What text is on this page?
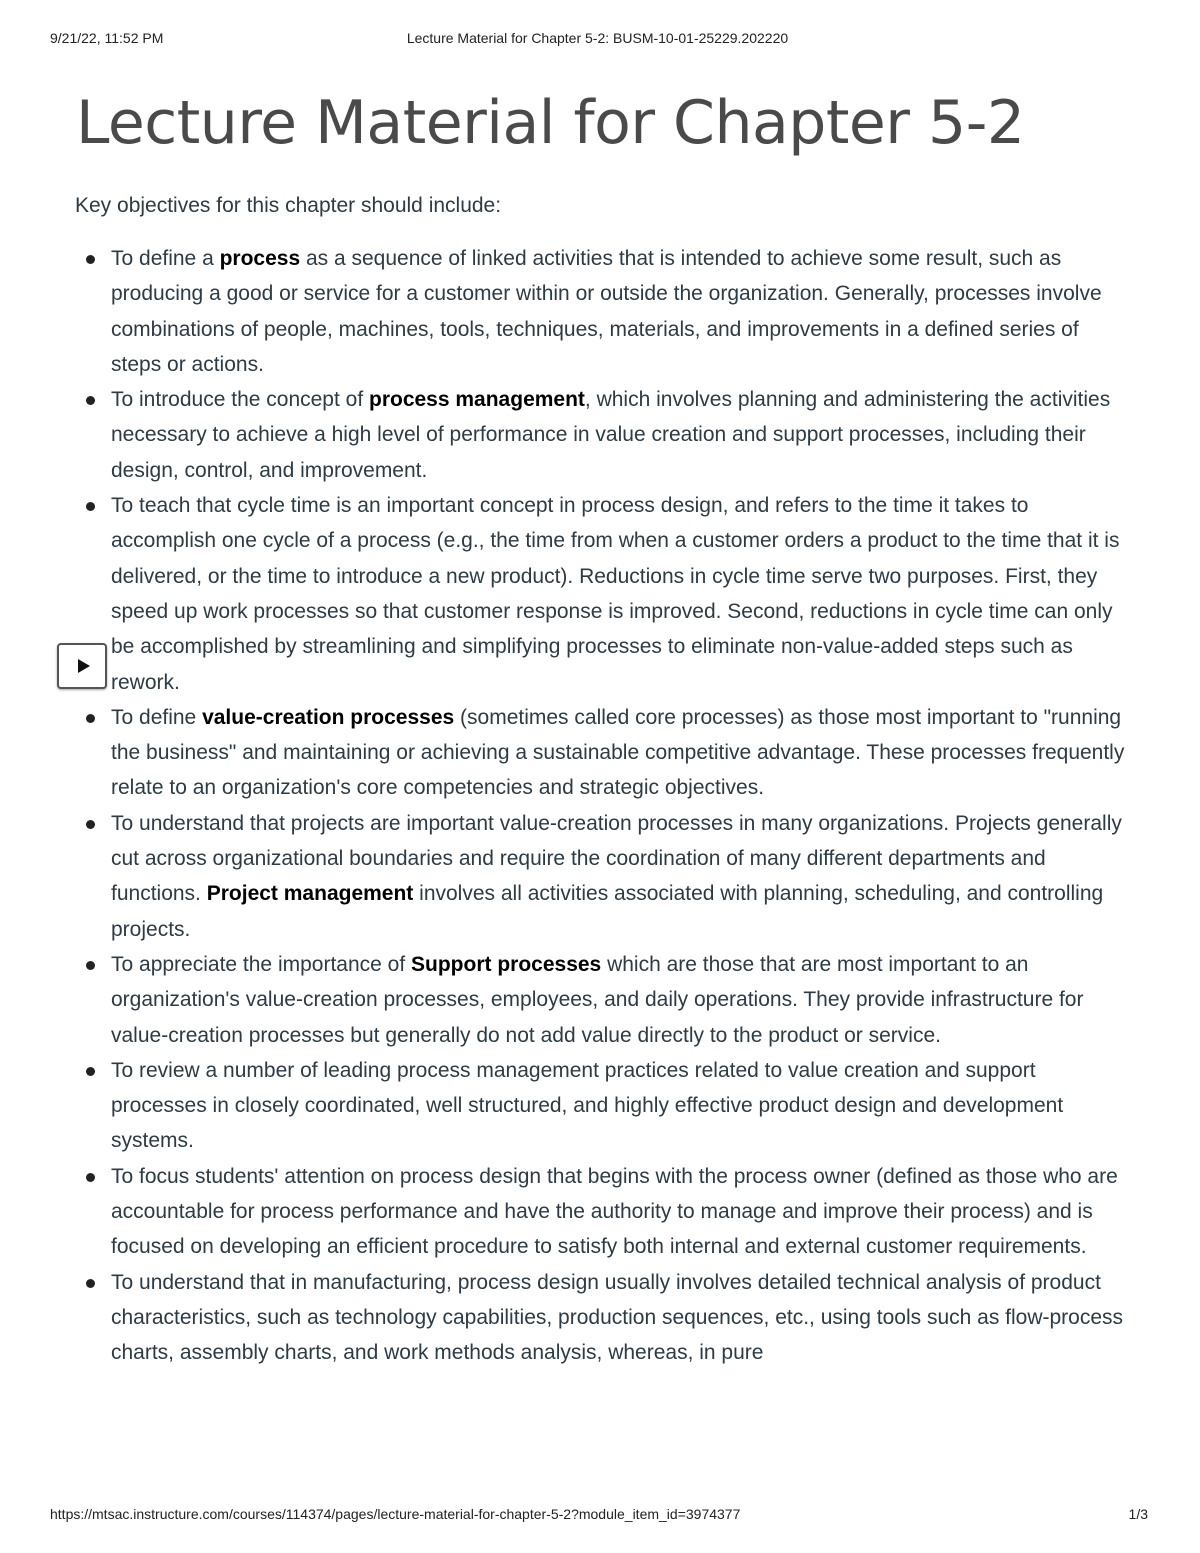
9/21/22, 11:52 PM	Lecture Material for Chapter 5-2: BUSM-10-01-25229.202220
Lecture Material for Chapter 5-2

Key objectives for this chapter should include:

To define a process as a sequence of linked activities that is intended to achieve some result, such as producing a good or service for a customer within or outside the organization. Generally, processes involve combinations of people, machines, tools, techniques, materials, and improvements in a defined series of steps or actions.
To introduce the concept of process management, which involves planning and administering the activities necessary to achieve a high level of performance in value creation and support processes, including their design, control, and improvement.
To teach that cycle time is an important concept in process design, and refers to the time it takes to accomplish one cycle of a process (e.g., the time from when a customer orders a product to the time that it is delivered, or the time to introduce a new product). Reductions in cycle time serve two purposes. First, they speed up work processes so that customer response is improved. Second, reductions in cycle time can only be accomplished by streamlining and simplifying processes to eliminate non-value-added steps such as rework.
To define value-creation processes (sometimes called core processes) as those most important to "running the business" and maintaining or achieving a sustainable competitive advantage. These processes frequently relate to an organization's core competencies and strategic objectives.
To understand that projects are important value-creation processes in many organizations. Projects generally cut across organizational boundaries and require the coordination of many different departments and functions. Project management involves all activities associated with planning, scheduling, and controlling projects.
To appreciate the importance of Support processes which are those that are most important to an organization's value-creation processes, employees, and daily operations. They provide infrastructure for value-creation processes but generally do not add value directly to the product or service.
To review a number of leading process management practices related to value creation and support processes in closely coordinated, well structured, and highly effective product design and development systems.
To focus students' attention on process design that begins with the process owner (defined as those who are accountable for process performance and have the authority to manage and improve their process) and is focused on developing an efficient procedure to satisfy both internal and external customer requirements.
To understand that in manufacturing, process design usually involves detailed technical analysis of product characteristics, such as technology capabilities, production sequences, etc., using tools such as flow-process charts, assembly charts, and work methods analysis, whereas, in pure
https://mtsac.instructure.com/courses/114374/pages/lecture-material-for-chapter-5-2?module_item_id=3974377	1/3
